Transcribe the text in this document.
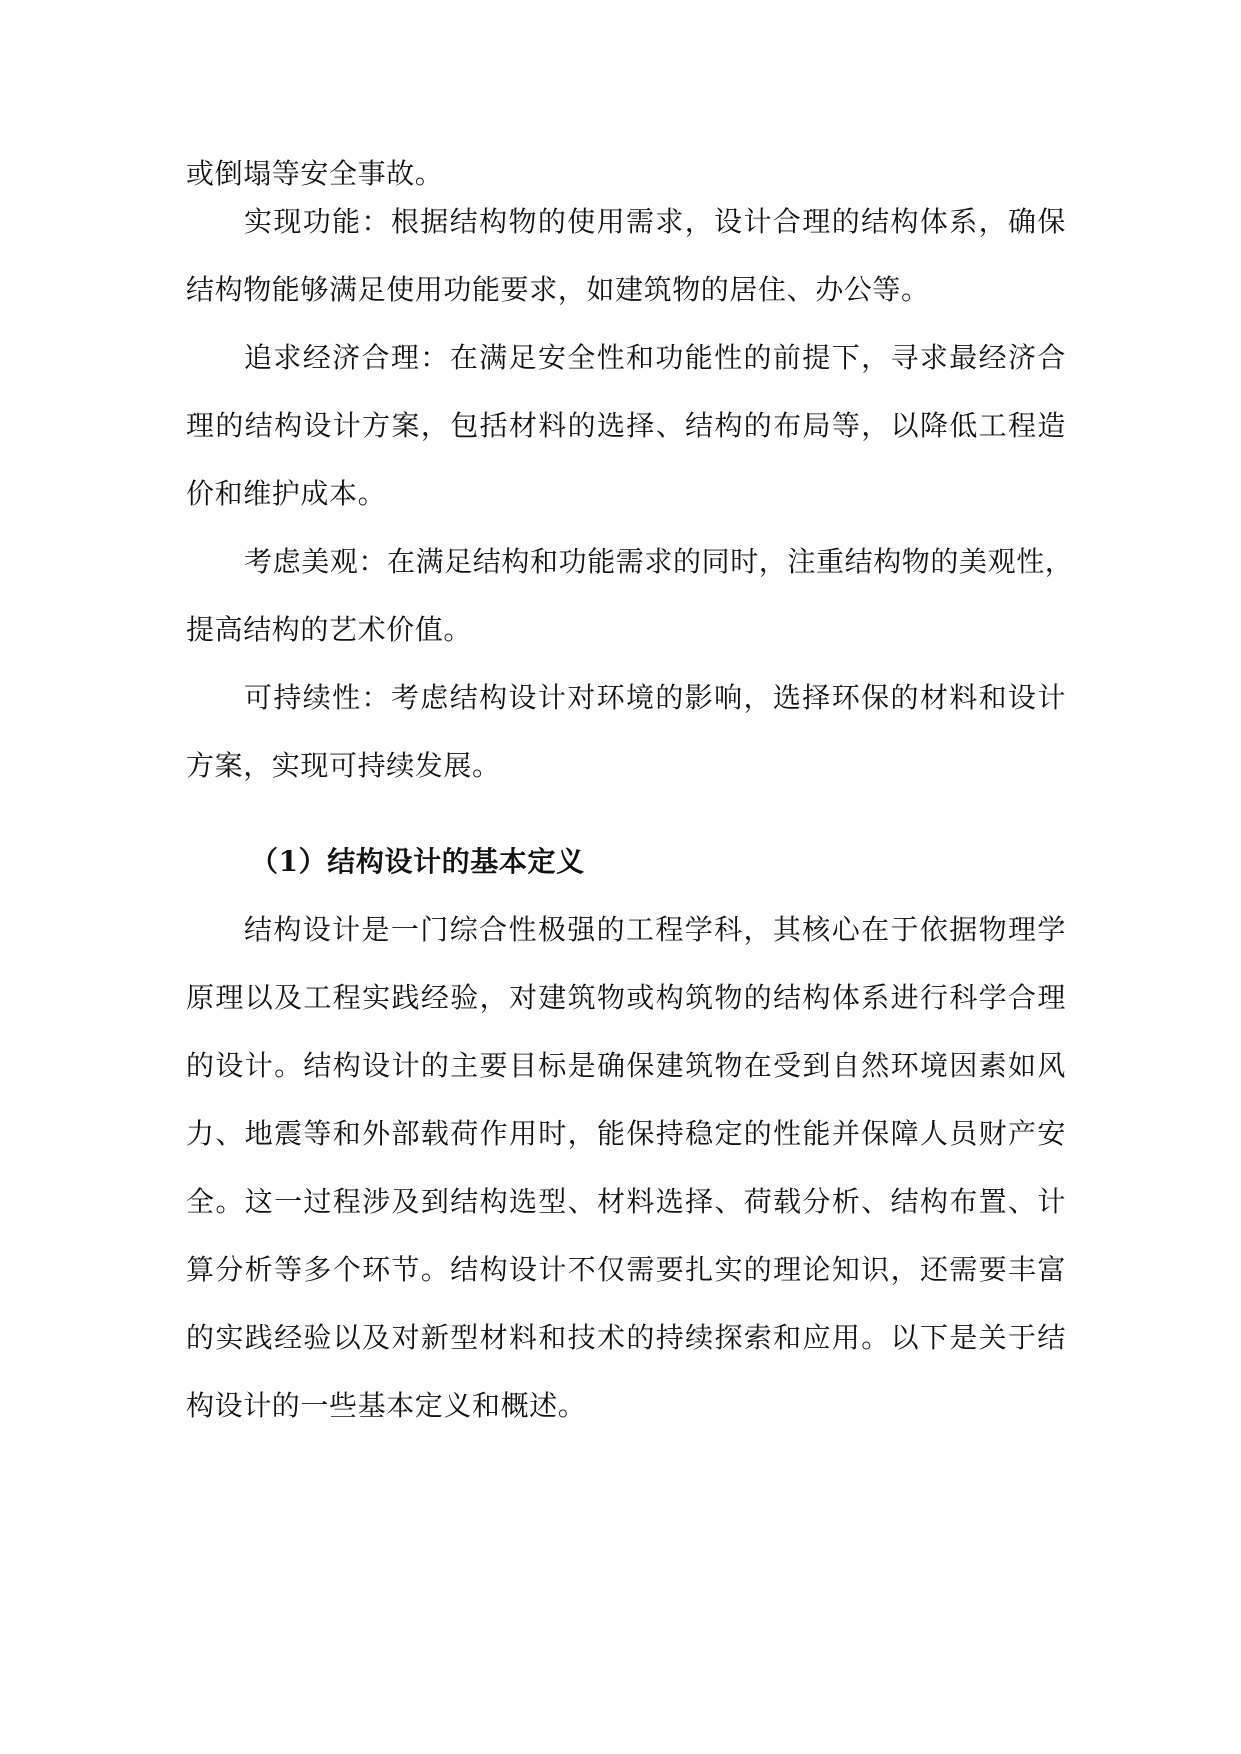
或倒塌等安全事故。
实现功能：根据结构物的使用需求，设计合理的结构体系，确保
结构物能够满足使用功能要求，如建筑物的居住、办公等。
追求经济合理：在满足安全性和功能性的前提下，寻求最经济合
理的结构设计方案，包括材料的选择、结构的布局等，以降低工程造
价和维护成本。
考虑美观：在满足结构和功能需求的同时，注重结构物的美观性，
提高结构的艺术价值。
可持续性：考虑结构设计对环境的影响，选择环保的材料和设计
方案，实现可持续发展。
（1）结构设计的基本定义
结构设计是一门综合性极强的工程学科，其核心在于依据物理学
原理以及工程实践经验，对建筑物或构筑物的结构体系进行科学合理
的设计。结构设计的主要目标是确保建筑物在受到自然环境因素如风
力、地震等和外部载荷作用时，能保持稳定的性能并保障人员财产安
全。这一过程涉及到结构选型、材料选择、荷载分析、结构布置、计
算分析等多个环节。结构设计不仅需要扎实的理论知识，还需要丰富
的实践经验以及对新型材料和技术的持续探索和应用。以下是关于结
构设计的一些基本定义和概述。
